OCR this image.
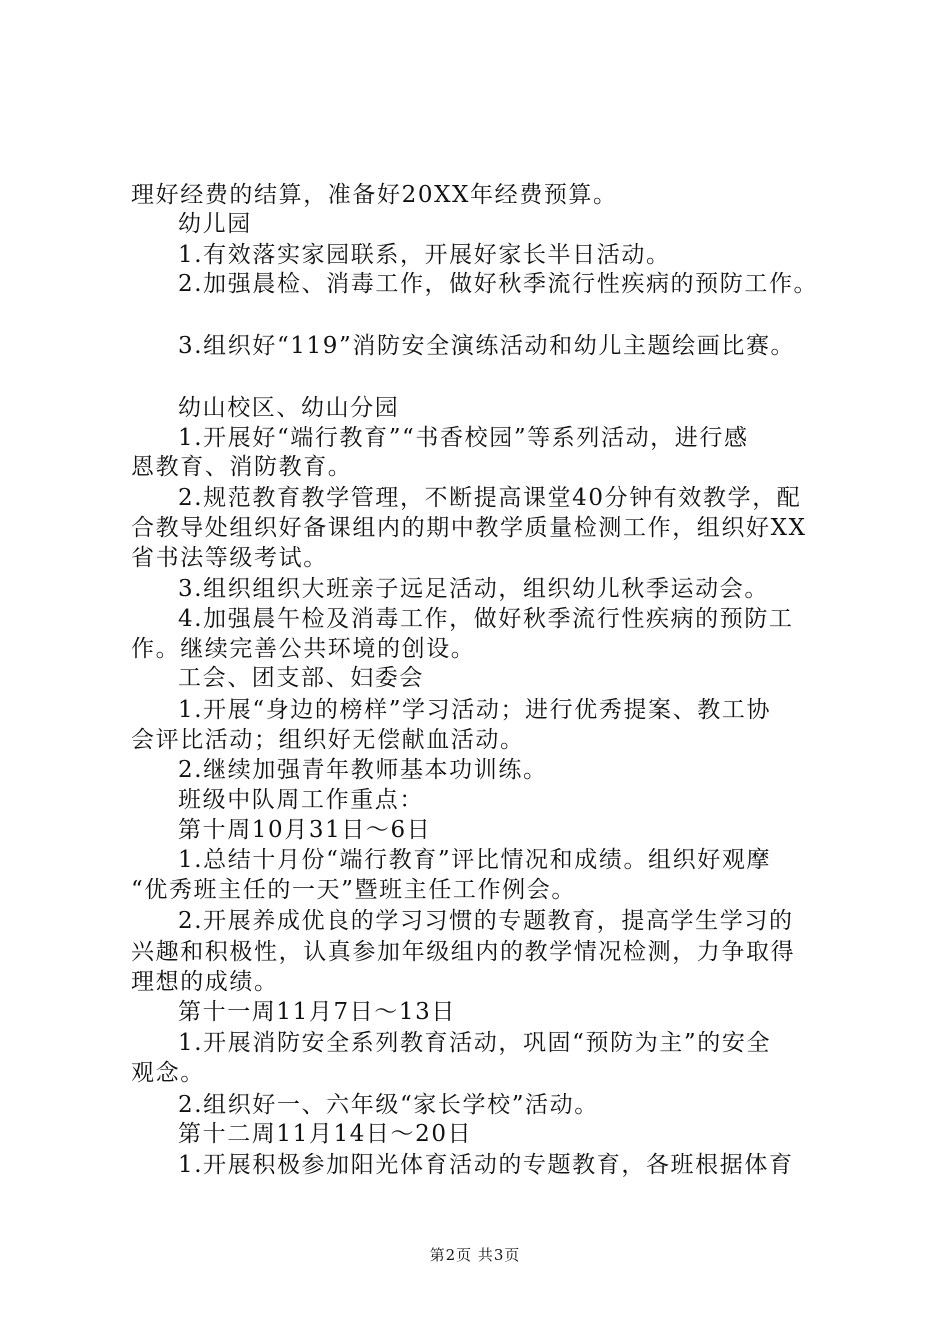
理好经费的结算，准备好20XX年经费预算。
幼儿园
1.有效落实家园联系，开展好家长半日活动。
2.加强晨检、消毒工作，做好秋季流行性疾病的预防工作。
3.组织好“119”消防安全演练活动和幼儿主题绘画比赛。
幼山校区、幼山分园
1.开展好“端行教育”“书香校园”等系列活动，进行感
恩教育、消防教育。
2.规范教育教学管理，不断提高课堂40分钟有效教学，配
合教导处组织好备课组内的期中教学质量检测工作，组织好XX
省书法等级考试。
3.组织组织大班亲子远足活动，组织幼儿秋季运动会。
4.加强晨午检及消毒工作，做好秋季流行性疾病的预防工
作。继续完善公共环境的创设。
工会、团支部、妇委会
1.开展“身边的榜样”学习活动；进行优秀提案、教工协
会评比活动；组织好无偿献血活动。
2.继续加强青年教师基本功训练。
班级中队周工作重点：
第十周10月31日～6日
1.总结十月份“端行教育”评比情况和成绩。组织好观摩
“优秀班主任的一天”暨班主任工作例会。
2.开展养成优良的学习习惯的专题教育，提高学生学习的
兴趣和积极性，认真参加年级组内的教学情况检测，力争取得
理想的成绩。
第十一周11月7日～13日
1.开展消防安全系列教育活动，巩固“预防为主”的安全
观念。
2.组织好一、六年级“家长学校”活动。
第十二周11月14日～20日
1.开展积极参加阳光体育活动的专题教育，各班根据体育
第2页 共3页
